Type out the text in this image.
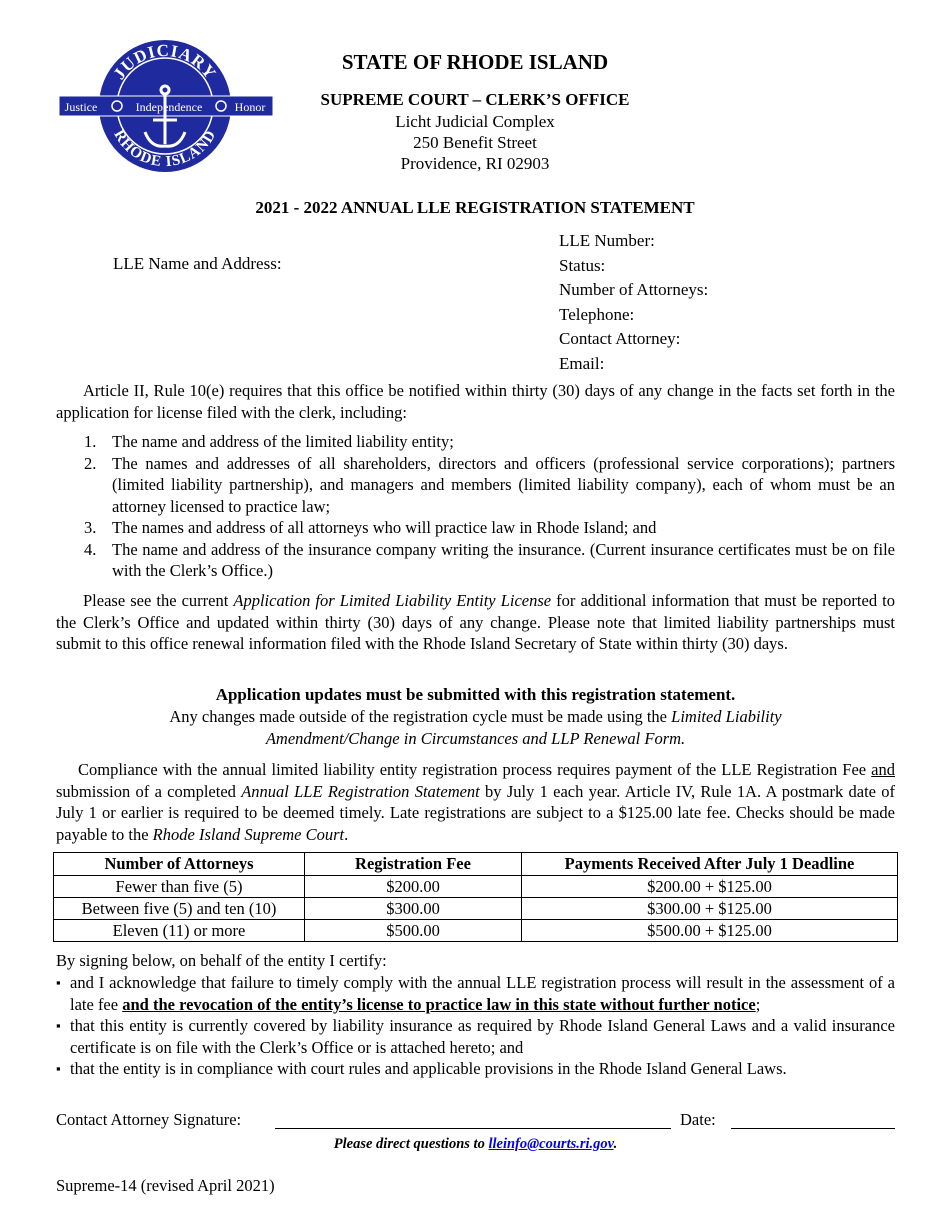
JUDICIARY
RHODE ISLAND
Justice	Independence	Honor
STATE OF RHODE ISLAND
SUPREME COURT – CLERK’S OFFICE
Licht Judicial Complex
250 Benefit Street
Providence, RI 02903
2021 - 2022 ANNUAL LLE REGISTRATION STATEMENT
LLE Name and Address:
LLE Number:
Status:
Number of Attorneys:
Telephone:
Contact Attorney:
Email:
Article II, Rule 10(e) requires that this office be notified within thirty (30) days of any change in the facts set forth in the application for license filed with the clerk, including:
1. The name and address of the limited liability entity;
2. The names and addresses of all shareholders, directors and officers (professional service corporations); partners (limited liability partnership), and managers and members (limited liability company), each of whom must be an attorney licensed to practice law;
3. The names and address of all attorneys who will practice law in Rhode Island; and
4. The name and address of the insurance company writing the insurance. (Current insurance certificates must be on file with the Clerk’s Office.)
Please see the current Application for Limited Liability Entity License for additional information that must be reported to the Clerk’s Office and updated within thirty (30) days of any change. Please note that limited liability partnerships must submit to this office renewal information filed with the Rhode Island Secretary of State within thirty (30) days.
Application updates must be submitted with this registration statement.
Any changes made outside of the registration cycle must be made using the Limited Liability
Amendment/Change in Circumstances and LLP Renewal Form.
Compliance with the annual limited liability entity registration process requires payment of the LLE Registration Fee and submission of a completed Annual LLE Registration Statement by July 1 each year. Article IV, Rule 1A. A postmark date of July 1 or earlier is required to be deemed timely. Late registrations are subject to a $125.00 late fee. Checks should be made payable to the Rhode Island Supreme Court.
Number of Attorneys	Registration Fee	Payments Received After July 1 Deadline
Fewer than five (5)	$200.00	$200.00 + $125.00
Between five (5) and ten (10)	$300.00	$300.00 + $125.00
Eleven (11) or more	$500.00	$500.00 + $125.00
By signing below, on behalf of the entity I certify:
▪ and I acknowledge that failure to timely comply with the annual LLE registration process will result in the assessment of a late fee and the revocation of the entity’s license to practice law in this state without further notice;
▪ that this entity is currently covered by liability insurance as required by Rhode Island General Laws and a valid insurance certificate is on file with the Clerk’s Office or is attached hereto; and
▪ that the entity is in compliance with court rules and applicable provisions in the Rhode Island General Laws.
Contact Attorney Signature:	Date:
Please direct questions to lleinfo@courts.ri.gov.
Supreme-14 (revised April 2021)
